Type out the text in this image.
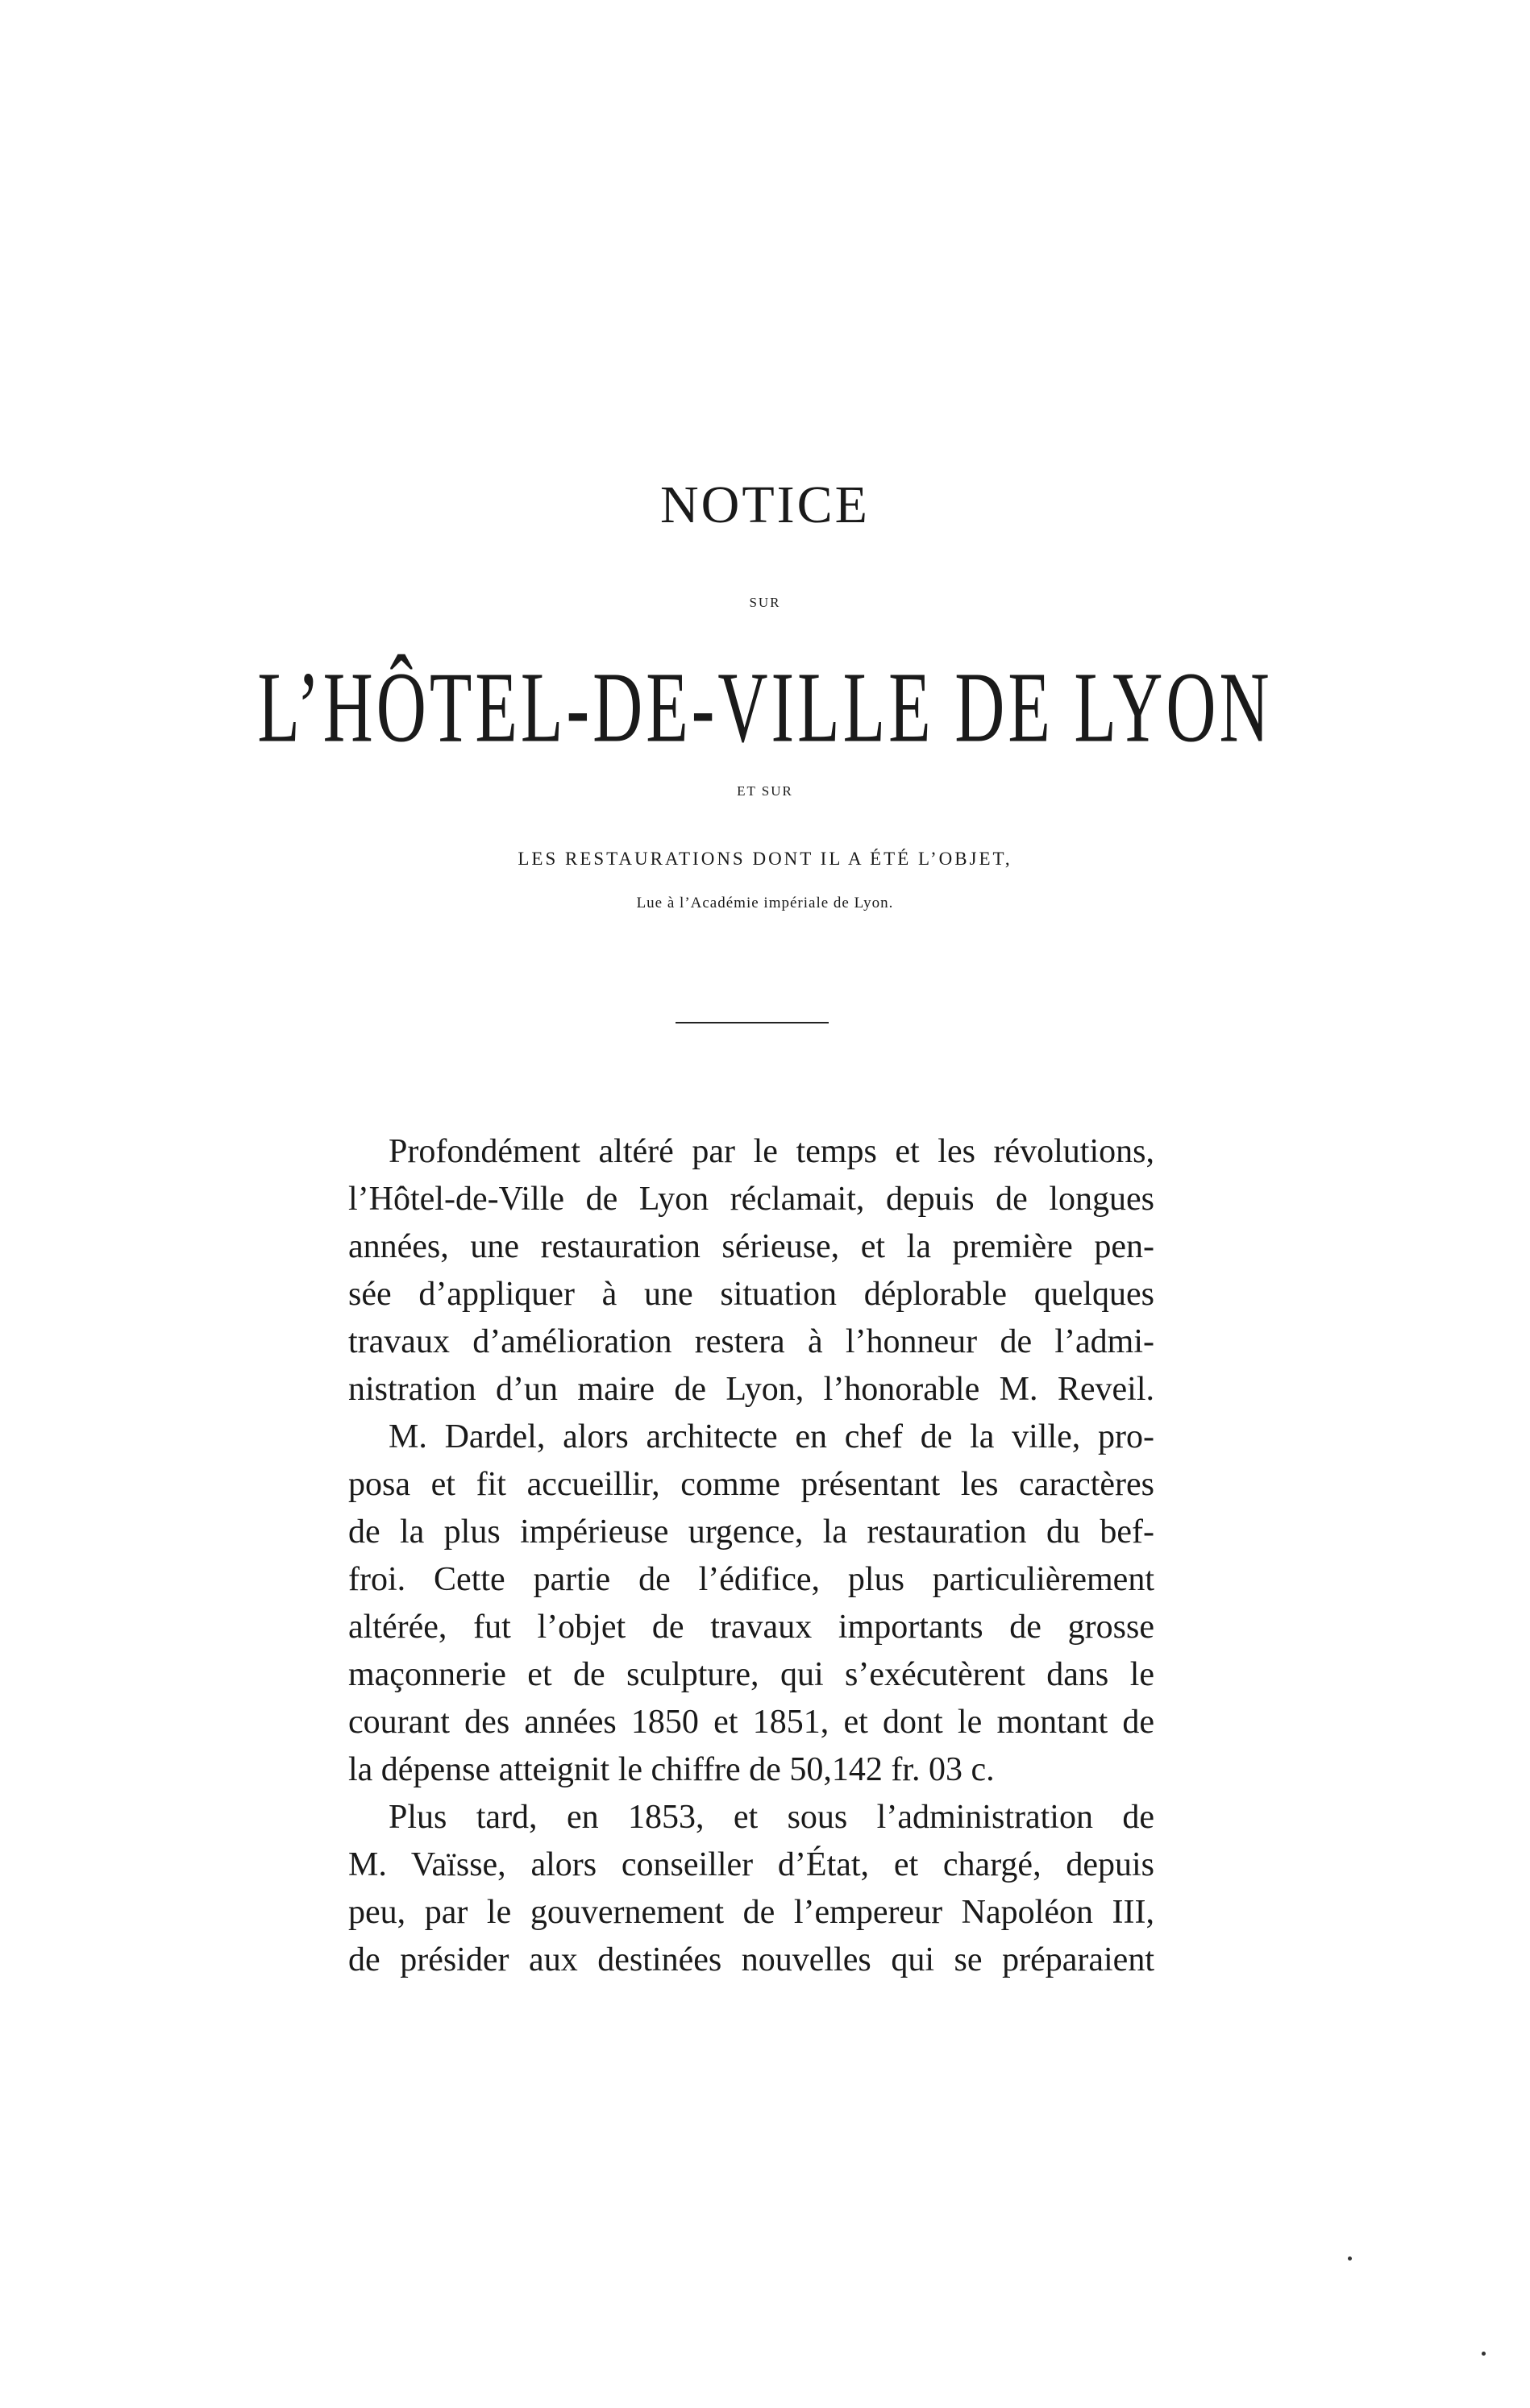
NOTICE
SUR
L’HÔTEL-DE-VILLE DE LYON
ET SUR
LES RESTAURATIONS DONT IL A ÉTÉ L’OBJET,
Lue à l’Académie impériale de Lyon.
Profondément altéré par le temps et les révolutions,
l’Hôtel-de-Ville de Lyon réclamait, depuis de longues
années, une restauration sérieuse, et la première pen-
sée d’appliquer à une situation déplorable quelques
travaux d’amélioration restera à l’honneur de l’admi-
nistration d’un maire de Lyon, l’honorable M. Reveil.
M. Dardel, alors architecte en chef de la ville, pro-
posa et fit accueillir, comme présentant les caractères
de la plus impérieuse urgence, la restauration du bef-
froi. Cette partie de l’édifice, plus particulièrement
altérée, fut l’objet de travaux importants de grosse
maçonnerie et de sculpture, qui s’exécutèrent dans le
courant des années 1850 et 1851, et dont le montant de
la dépense atteignit le chiffre de 50,142 fr. 03 c.
Plus tard, en 1853, et sous l’administration de
M. Vaïsse, alors conseiller d’État, et chargé, depuis
peu, par le gouvernement de l’empereur Napoléon III,
de présider aux destinées nouvelles qui se préparaient
